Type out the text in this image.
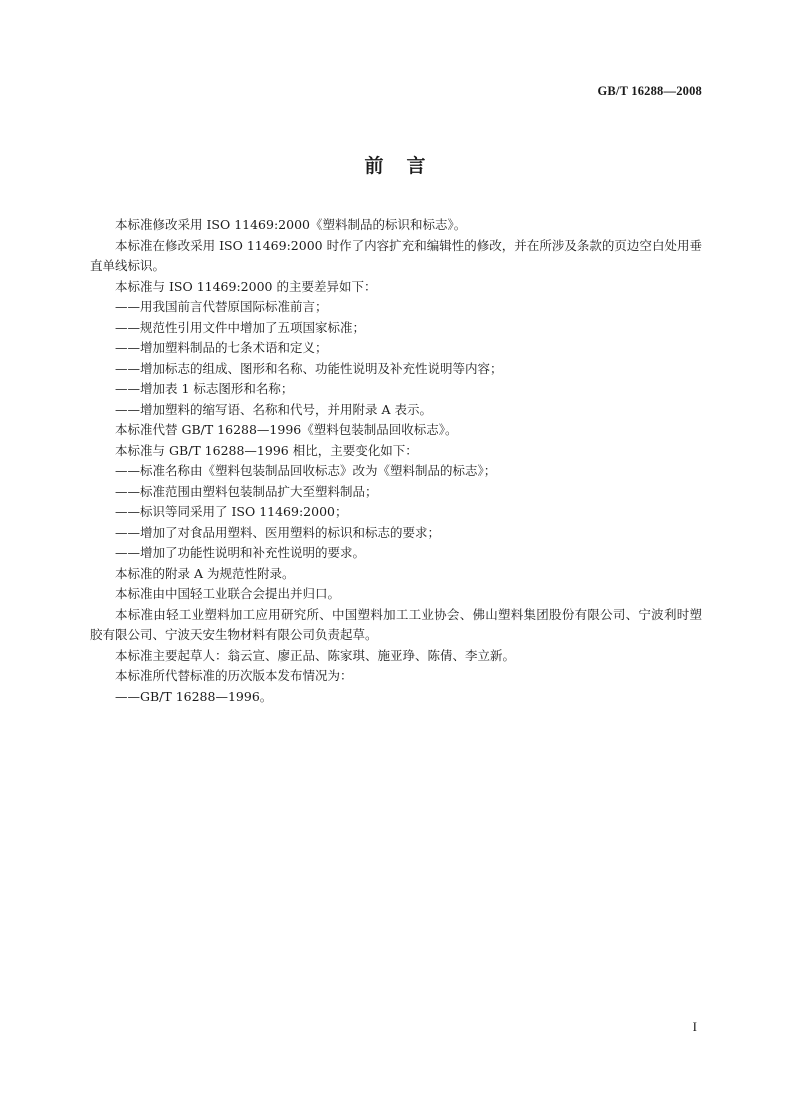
GB/T 16288—2008
前　言

本标准修改采用 ISO 11469:2000《塑料制品的标识和标志》。

本标准在修改采用 ISO 11469:2000 时作了内容扩充和编辑性的修改，并在所涉及条款的页边空白处用垂直单线标识。

本标准与 ISO 11469:2000 的主要差异如下：

——用我国前言代替原国际标准前言；

——规范性引用文件中增加了五项国家标准；

——增加塑料制品的七条术语和定义；

——增加标志的组成、图形和名称、功能性说明及补充性说明等内容；

——增加表 1 标志图形和名称；

——增加塑料的缩写语、名称和代号，并用附录 A 表示。

本标准代替 GB/T 16288—1996《塑料包装制品回收标志》。

本标准与 GB/T 16288—1996 相比，主要变化如下：

——标准名称由《塑料包装制品回收标志》改为《塑料制品的标志》；

——标准范围由塑料包装制品扩大至塑料制品；

——标识等同采用了 ISO 11469:2000；

——增加了对食品用塑料、医用塑料的标识和标志的要求；

——增加了功能性说明和补充性说明的要求。

本标准的附录 A 为规范性附录。

本标准由中国轻工业联合会提出并归口。

本标准由轻工业塑料加工应用研究所、中国塑料加工工业协会、佛山塑料集团股份有限公司、宁波利时塑胶有限公司、宁波天安生物材料有限公司负责起草。

本标准主要起草人：翁云宣、廖正品、陈家琪、施亚琤、陈倩、李立新。

本标准所代替标准的历次版本发布情况为：

——GB/T 16288—1996。

I
